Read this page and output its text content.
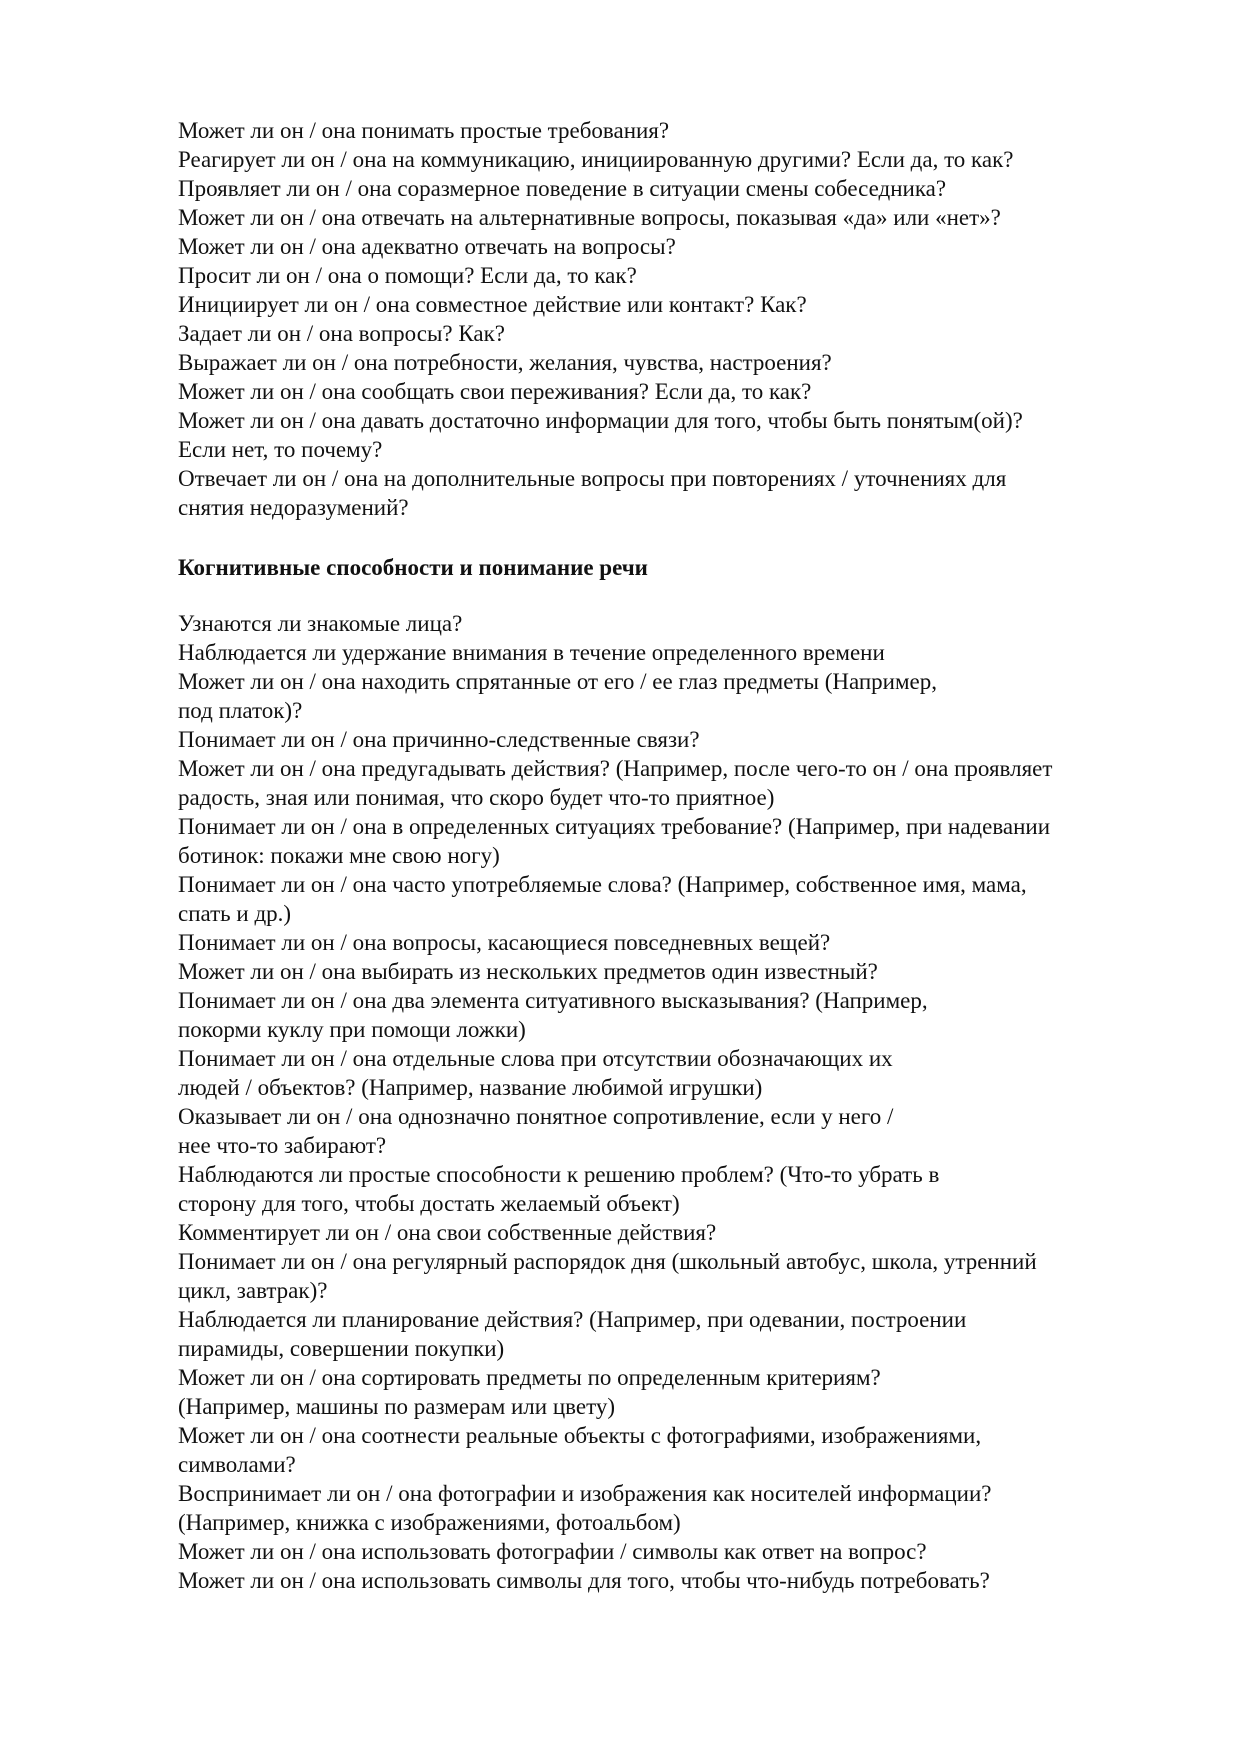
Может ли он / она понимать простые требования?

Реагирует ли он / она на коммуникацию, инициированную другими? Если да, то как?

Проявляет ли он / она соразмерное поведение в ситуации смены собеседника?

Может ли он / она отвечать на альтернативные вопросы, показывая «да» или «нет»?

Может ли он / она адекватно отвечать на вопросы?

Просит ли он / она о помощи? Если да, то как?

Инициирует ли он / она совместное действие или контакт? Как?

Задает ли он / она вопросы? Как?

Выражает ли он / она потребности, желания, чувства, настроения?

Может ли он / она сообщать свои переживания? Если да, то как?

Может ли он / она давать достаточно информации для того, чтобы быть понятым(ой)?

Если нет, то почему?

Отвечает ли он / она на дополнительные вопросы при повторениях / уточнениях для

снятия недоразумений?

Когнитивные способности и понимание речи

Узнаются ли знакомые лица?

Наблюдается ли удержание внимания в течение определенного времени

Может ли он / она находить спрятанные от его / ее глаз предметы (Например,

под платок)?

Понимает ли он / она причинно-следственные связи?

Может ли он / она предугадывать действия? (Например, после чего-то он / она проявляет

радость, зная или понимая, что скоро будет что-то приятное)

Понимает ли он / она в определенных ситуациях требование? (Например, при надевании

ботинок: покажи мне свою ногу)

Понимает ли он / она часто употребляемые слова? (Например, собственное имя, мама,

спать и др.)

Понимает ли он / она вопросы, касающиеся повседневных вещей?

Может ли он / она выбирать из нескольких предметов один известный?

Понимает ли он / она два элемента ситуативного высказывания? (Например,

покорми куклу при помощи ложки)

Понимает ли он / она отдельные слова при отсутствии обозначающих их

людей / объектов? (Например, название любимой игрушки)

Оказывает ли он / она однозначно понятное сопротивление, если у него /

нее что-то забирают?

Наблюдаются ли простые способности к решению проблем? (Что-то убрать в

сторону для того, чтобы достать желаемый объект)

Комментирует ли он / она свои собственные действия?

Понимает ли он / она регулярный распорядок дня (школьный автобус, школа, утренний

цикл, завтрак)?

Наблюдается ли планирование действия? (Например, при одевании, построении

пирамиды, совершении покупки)

Может ли он / она сортировать предметы по определенным критериям?

(Например, машины по размерам или цвету)

Может ли он / она соотнести реальные объекты с фотографиями, изображениями,

символами?

Воспринимает ли он / она фотографии и изображения как носителей информации?

(Например, книжка с изображениями, фотоальбом)

Может ли он / она использовать фотографии / символы как ответ на вопрос?

Может ли он / она использовать символы для того, чтобы что-нибудь потребовать?
